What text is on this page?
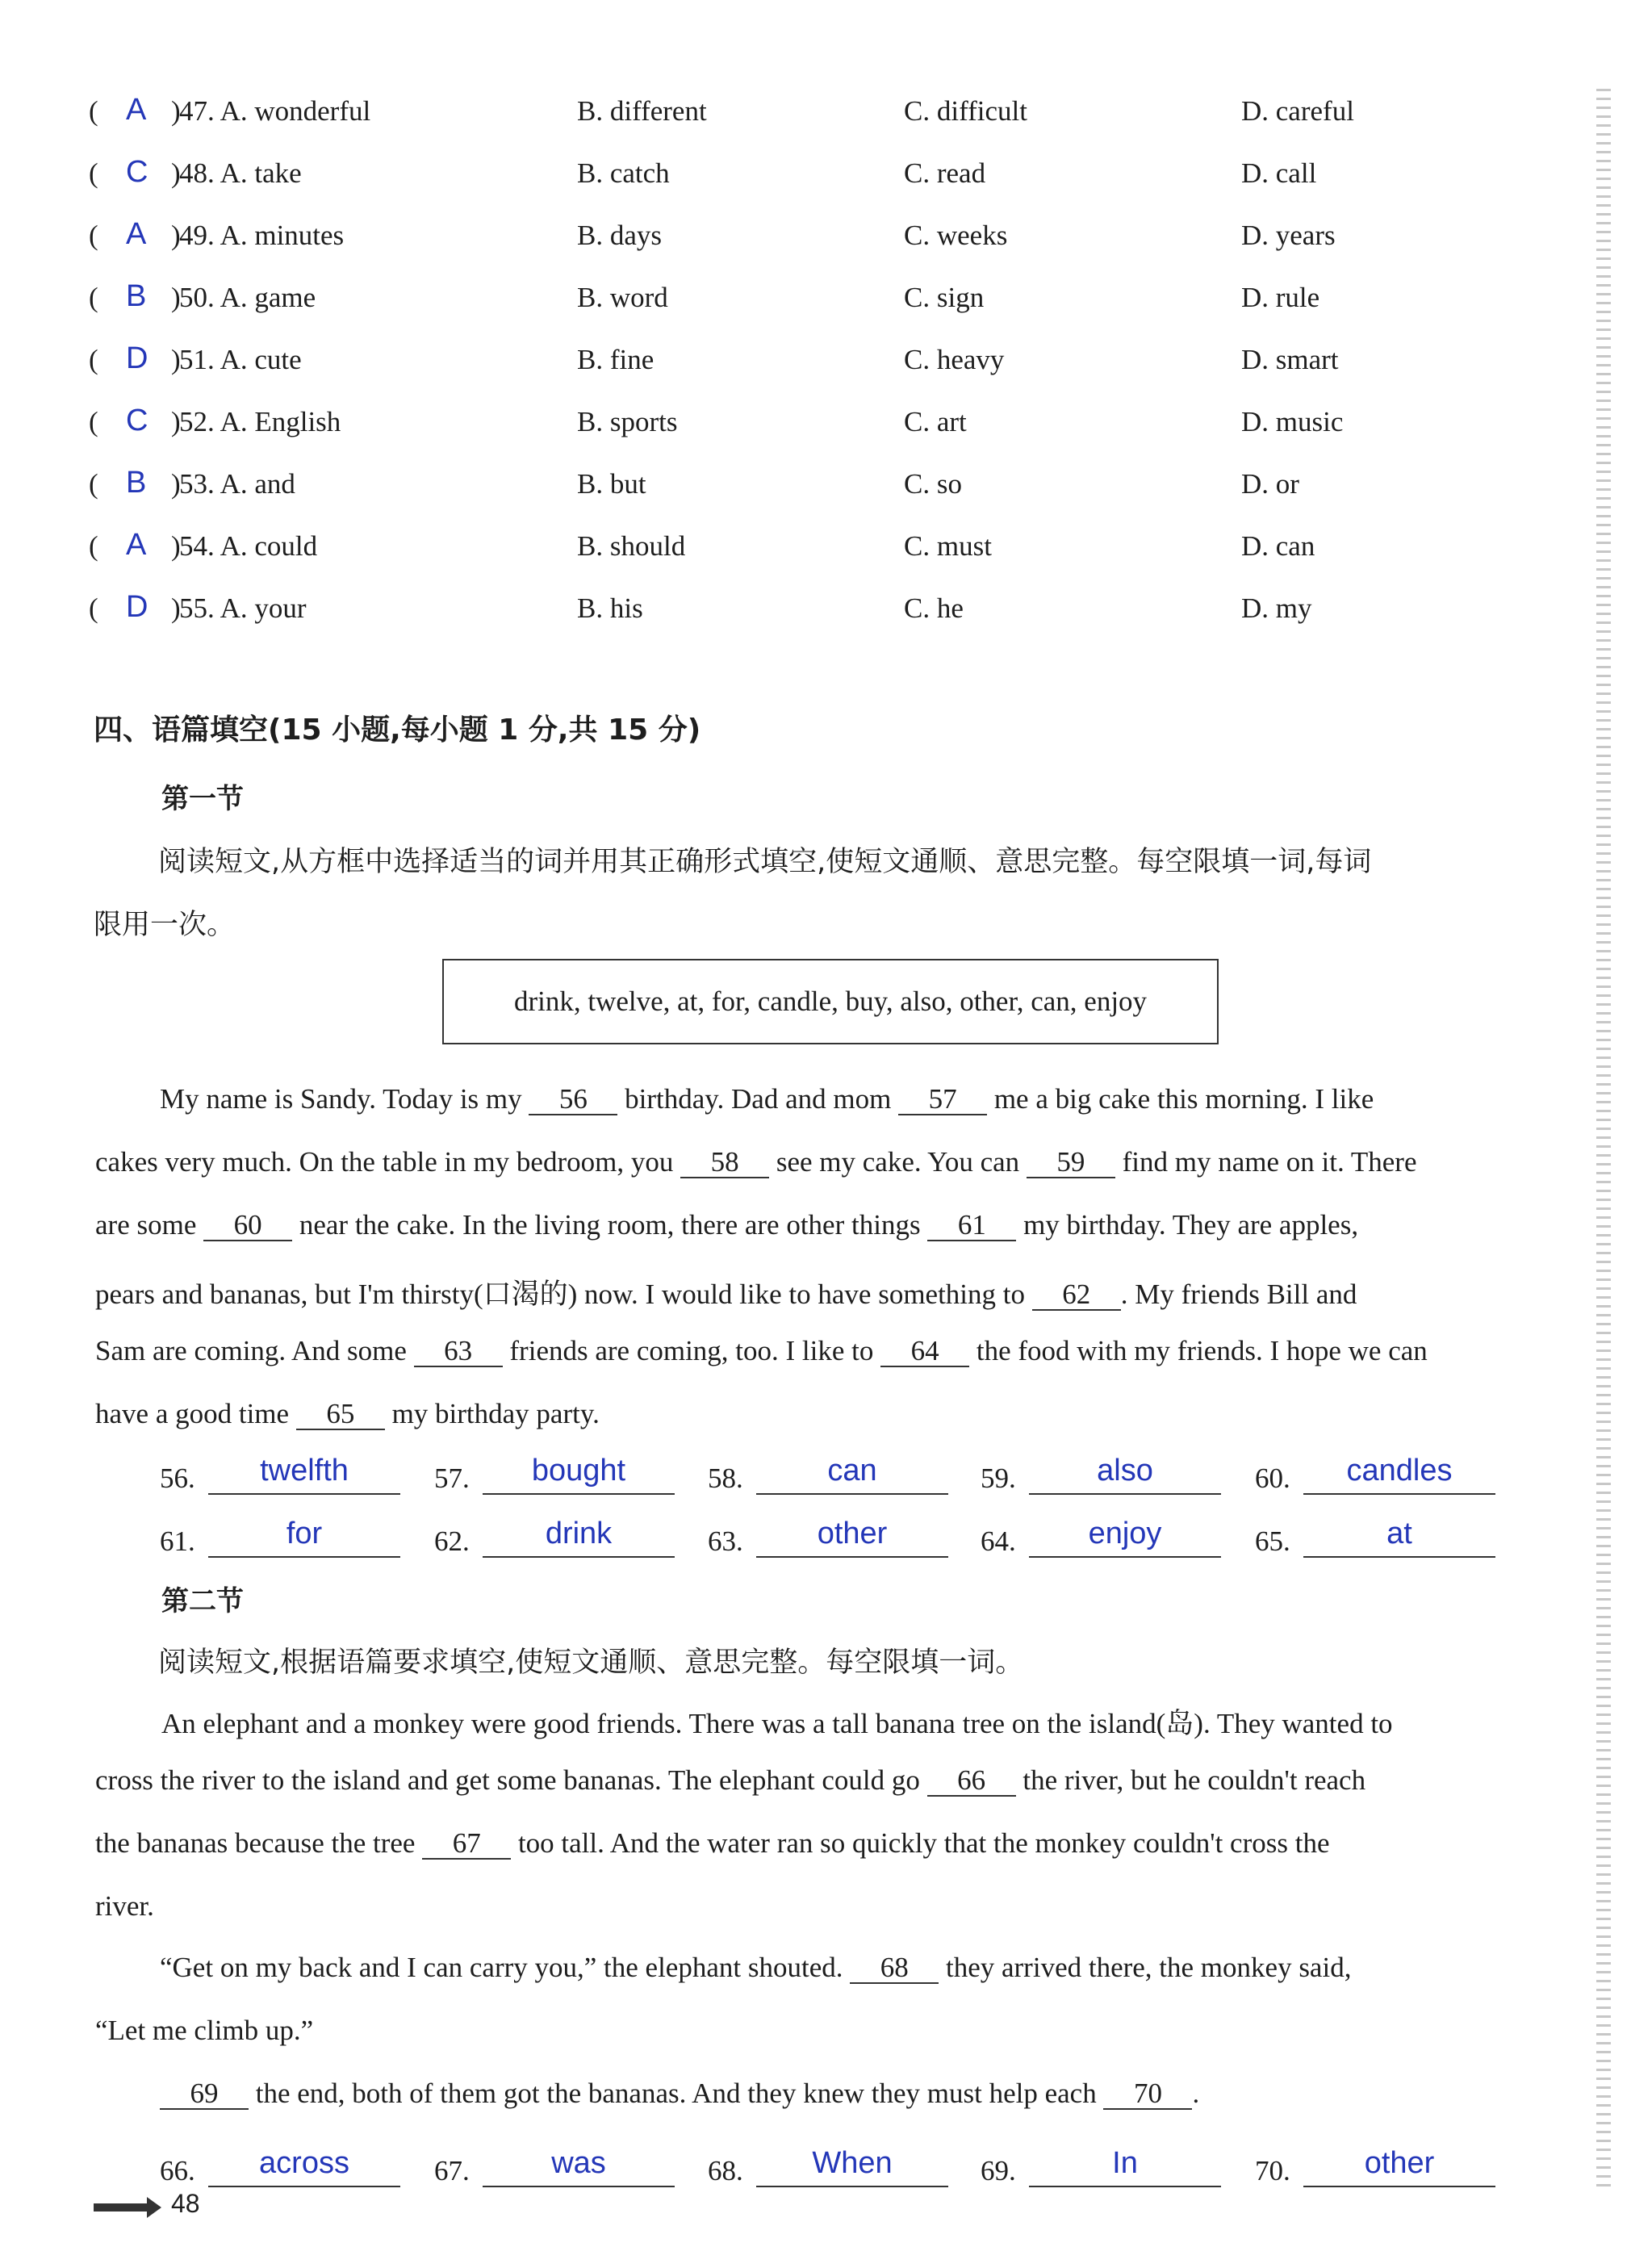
( A )
47. A. wonderful	B. different	C. difficult	D. careful
( C )
48. A. take	B. catch	C. read	D. call
( A )
49. A. minutes	B. days	C. weeks	D. years
( B )
50. A. game	B. word	C. sign	D. rule
( D )
51. A. cute	B. fine	C. heavy	D. smart
( C )
52. A. English	B. sports	C. art	D. music
( B )
53. A. and	B. but	C. so	D. or
( A )
54. A. could	B. should	C. must	D. can
( D )
55. A. your	B. his	C. he	D. my
四、语篇填空(15 小题,每小题 1 分,共 15 分)
第一节
阅读短文,从方框中选择适当的词并用其正确形式填空,使短文通顺、意思完整。每空限填一词,每词
限用一次。
drink, twelve, at, for, candle, buy, also, other, can, enjoy
My name is Sandy. Today is my 56 birthday. Dad and mom 57 me a big cake this morning. I like
cakes very much. On the table in my bedroom, you 58 see my cake. You can 59 find my name on it. There
are some 60 near the cake. In the living room, there are other things 61 my birthday. They are apples,
pears and bananas, but I'm thirsty(口渴的) now. I would like to have something to 62 . My friends Bill and
Sam are coming. And some 63 friends are coming, too. I like to 64 the food with my friends. I hope we can
have a good time 65 my birthday party.
56.	twelfth	57.	bought	58.	can	59.	also	60.	candles
61.	for	62.	drink	63.	other	64.	enjoy	65.	at
第二节
阅读短文,根据语篇要求填空,使短文通顺、意思完整。每空限填一词。
An elephant and a monkey were good friends. There was a tall banana tree on the island(岛). They wanted to
cross the river to the island and get some bananas. The elephant could go 66 the river, but he couldn't reach
the bananas because the tree 67 too tall. And the water ran so quickly that the monkey couldn't cross the
river.
“Get on my back and I can carry you,” the elephant shouted. 68 they arrived there, the monkey said,
“Let me climb up.”
69 the end, both of them got the bananas. And they knew they must help each 70 .
66.	across	67.	was	68.	When	69.	In	70.	other
48
